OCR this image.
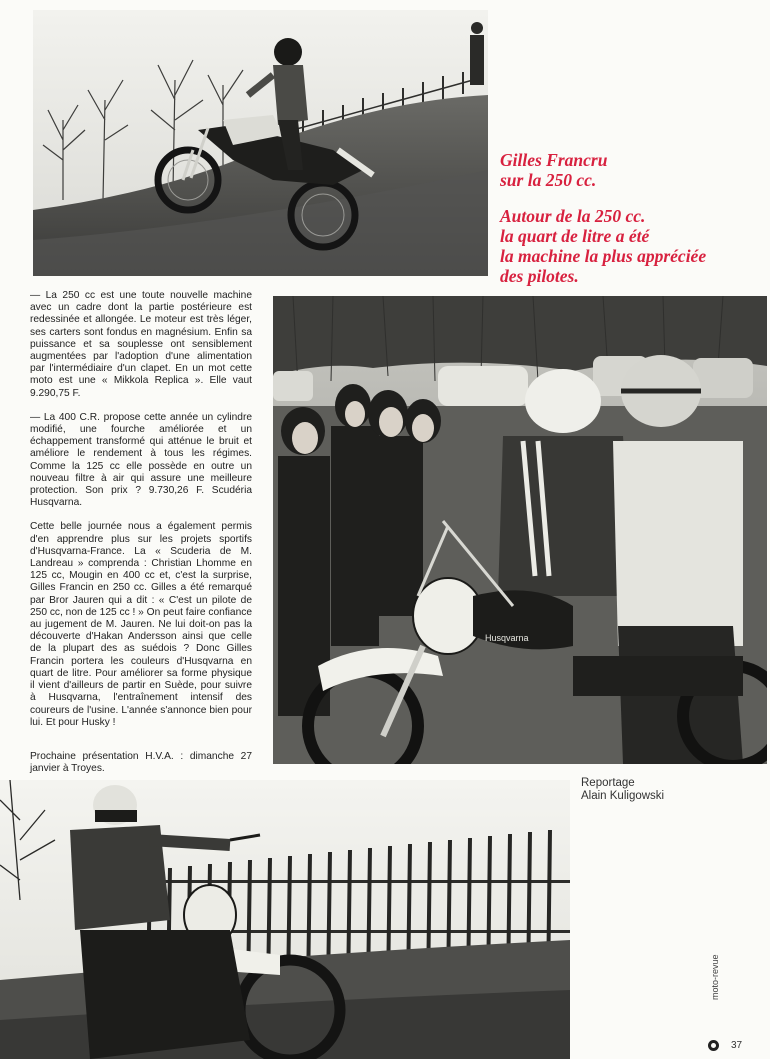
Gilles Francru
sur la 250 cc.

Autour de la 250 cc.
la quart de litre a été
la machine la plus appréciée
des pilotes.

— La 250 cc est une toute nouvelle machine avec un cadre dont la partie postérieure est redessinée et allongée. Le moteur est très léger, ses carters sont fondus en magnésium. Enfin sa puissance et sa souplesse ont sensiblement augmentées par l'adoption d'une alimentation par l'intermédiaire d'un clapet. En un mot cette moto est une « Mikkola Replica ». Elle vaut 9.290,75 F.

— La 400 C.R. propose cette année un cylindre modifié, une fourche améliorée et un échappement transformé qui atténue le bruit et améliore le rendement à tous les régimes. Comme la 125 cc elle possède en outre un nouveau filtre à air qui assure une meilleure protection. Son prix ? 9.730,26 F. Scudéria Husqvarna.

Cette belle journée nous a également permis d'en apprendre plus sur les projets sportifs d'Husqvarna-France. La « Scuderia de M. Landreau » comprenda : Christian Lhomme en 125 cc, Mougin en 400 cc et, c'est la surprise, Gilles Francin en 250 cc. Gilles a été remarqué par Bror Jauren qui a dit : « C'est un pilote de 250 cc, non de 125 cc ! » On peut faire confiance au jugement de M. Jauren. Ne lui doit-on pas la découverte d'Hakan Andersson ainsi que celle de la plupart des as suédois ? Donc Gilles Francin portera les couleurs d'Husqvarna en quart de litre. Pour améliorer sa forme physique il vient d'ailleurs de partir en Suède, pour suivre à Husqvarna, l'entraînement intensif des coureurs de l'usine. L'année s'annonce bien pour lui. Et pour Husky !

Prochaine présentation H.V.A. : dimanche 27 janvier à Troyes.

Husqvarna
Reportage
Alain Kuligowski
moto-revue
37
